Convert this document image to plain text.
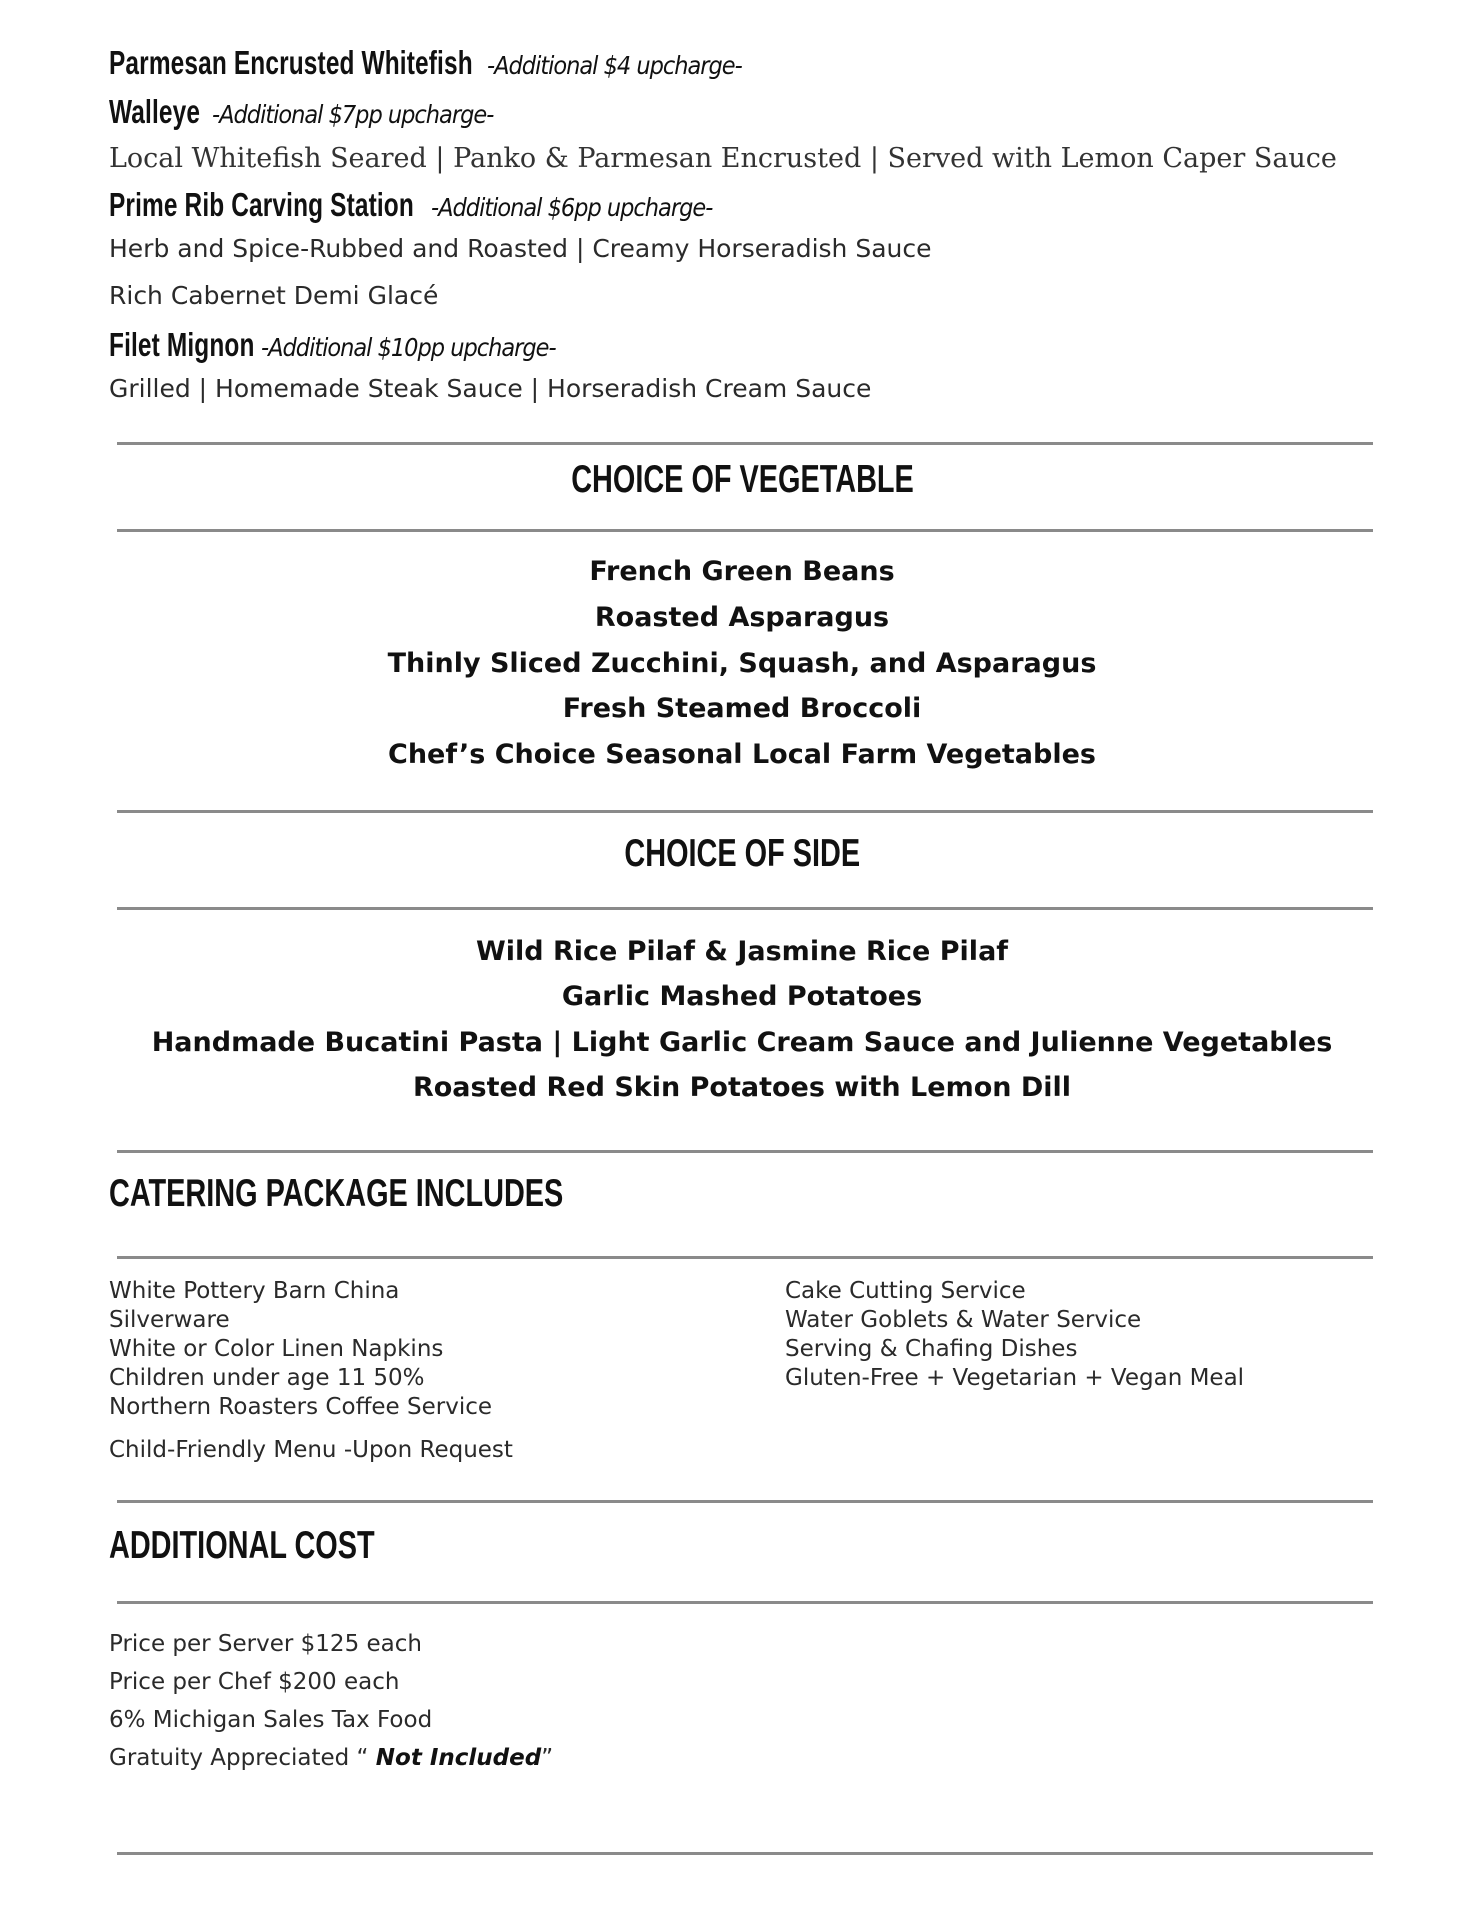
Parmesan Encrusted Whitefish -Additional $4 upcharge-
Walleye -Additional $7pp upcharge-
Local Whitefish Seared | Panko & Parmesan Encrusted | Served with Lemon Caper Sauce
Prime Rib Carving Station -Additional $6pp upcharge-
Herb and Spice-Rubbed and Roasted | Creamy Horseradish Sauce
Rich Cabernet Demi Glacé
Filet Mignon -Additional $10pp upcharge-
Grilled | Homemade Steak Sauce | Horseradish Cream Sauce
CHOICE OF VEGETABLE
French Green Beans
Roasted Asparagus
Thinly Sliced Zucchini, Squash, and Asparagus
Fresh Steamed Broccoli
Chef’s Choice Seasonal Local Farm Vegetables
CHOICE OF SIDE
Wild Rice Pilaf & Jasmine Rice Pilaf
Garlic Mashed Potatoes
Handmade Bucatini Pasta | Light Garlic Cream Sauce and Julienne Vegetables
Roasted Red Skin Potatoes with Lemon Dill
CATERING PACKAGE INCLUDES
White Pottery Barn China
Silverware
White or Color Linen Napkins
Children under age 11 50%
Northern Roasters Coffee Service
Cake Cutting Service
Water Goblets & Water Service
Serving & Chafing Dishes
Gluten-Free + Vegetarian + Vegan Meal
Child-Friendly Menu -Upon Request
ADDITIONAL COST
Price per Server $125 each
Price per Chef $200 each
6% Michigan Sales Tax Food
Gratuity Appreciated “ Not Included”
